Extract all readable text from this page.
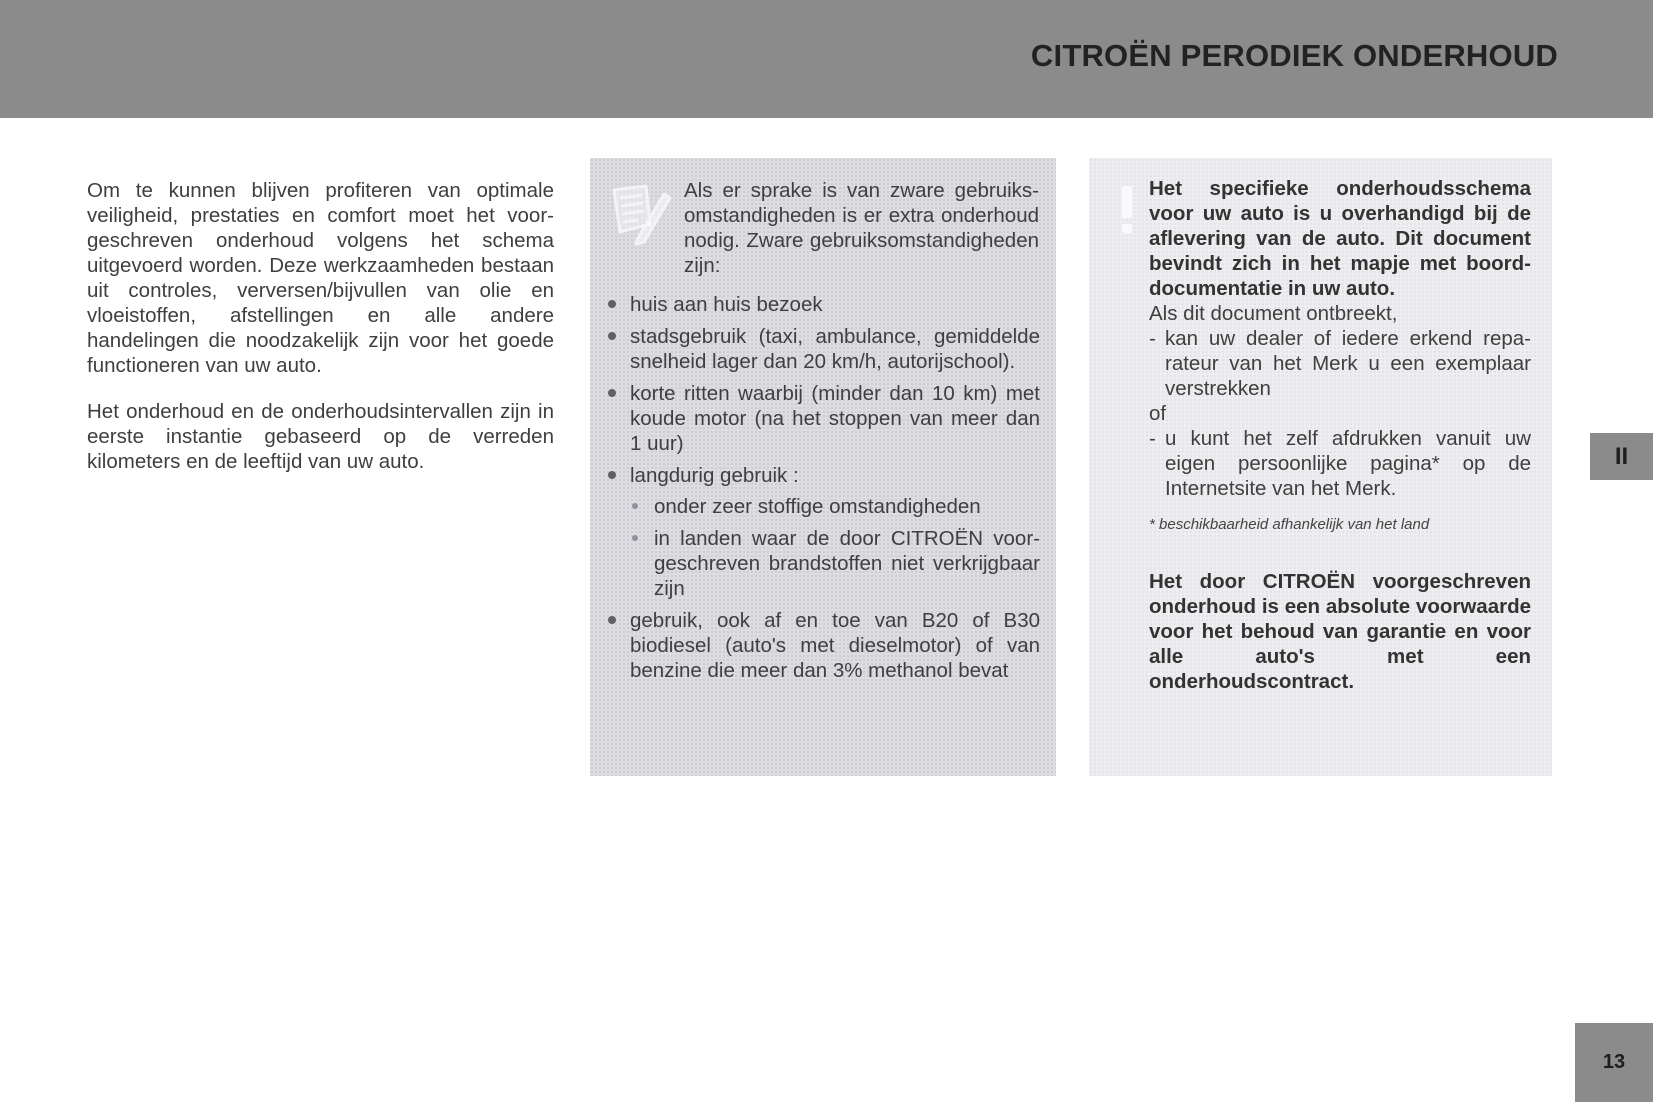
CITROËN PERODIEK ONDERHOUD

Om te kunnen blijven profiteren van optimale veiligheid, prestaties en comfort moet het voorgeschreven onderhoud volgens het schema uitgevoerd worden. Deze werkzaamheden bestaan uit controles, verversen/bijvullen van olie en vloeistoffen, afstellingen en alle andere handelingen die noodzakelijk zijn voor het goede functioneren van uw auto.

Het onderhoud en de onderhoudsintervallen zijn in eerste instantie gebaseerd op de verreden kilometers en de leeftijd van uw auto.

Als er sprake is van zware gebruiksomstandigheden is er extra onderhoud nodig. Zware gebruiksomstandigheden zijn:
huis aan huis bezoek
stadsgebruik (taxi, ambulance, gemiddelde snelheid lager dan 20 km/h, autorijschool).
korte ritten waarbij (minder dan 10 km) met koude motor (na het stoppen van meer dan 1 uur)
langdurig gebruik :
onder zeer stoffige omstandigheden
in landen waar de door CITROËN voorgeschreven brandstoffen niet verkrijgbaar zijn
gebruik, ook af en toe van B20 of B30 biodiesel (auto's met dieselmotor) of van benzine die meer dan 3% methanol bevat

Het specifieke onderhoudsschema voor uw auto is u overhandigd bij de aflevering van de auto. Dit document bevindt zich in het mapje met boorddocumentatie in uw auto.

Als dit document ontbreekt,

- kan uw dealer of iedere erkend reparateur van het Merk u een exemplaar verstrekken

of

- u kunt het zelf afdrukken vanuit uw eigen persoonlijke pagina* op de Internetsite van het Merk.

* beschikbaarheid afhankelijk van het land

Het door CITROËN voorgeschreven onderhoud is een absolute voorwaarde voor het behoud van garantie en voor alle auto's met een onderhoudscontract.

II
13
